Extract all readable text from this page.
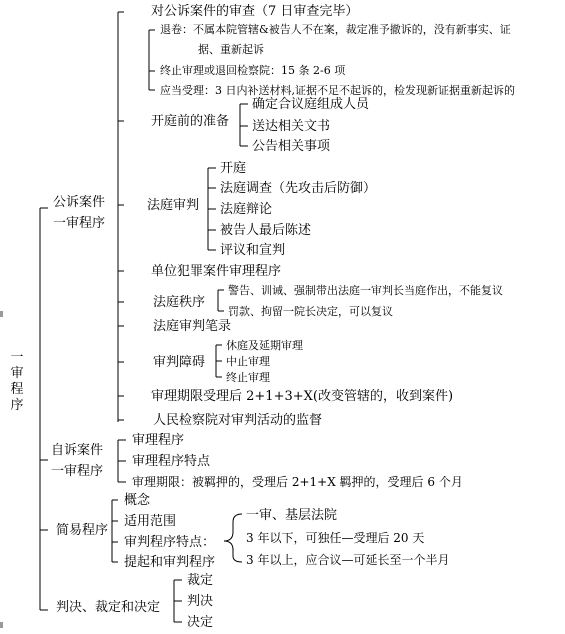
一
审
程
序
公诉案件
一审程序
对公诉案件的审查（7 日审查完毕）
退卷：不属本院管辖&被告人不在案，裁定准予撤诉的，没有新事实、证
据、重新起诉
终止审理或退回检察院：15 条 2-6 项
应当受理：3 日内补送材料,证据不足不起诉的，检发现新证据重新起诉的
开庭前的准备
确定合议庭组成人员
送达相关文书
公告相关事项
法庭审判
开庭
法庭调查（先攻击后防御）
法庭辩论
被告人最后陈述
评议和宣判
单位犯罪案件审理程序
法庭秩序
警告、训诫、强制带出法庭一审判长当庭作出，不能复议
罚款、拘留一院长决定，可以复议
法庭审判笔录
审判障碍
休庭及延期审理
中止审理
终止审理
审理期限受理后 2+1+3+X(改变管辖的，收到案件)
人民检察院对审判活动的监督
自诉案件
一审程序
审理程序
审理程序特点
审理期限：被羁押的，受理后 2+1+X 羁押的，受理后 6 个月
简易程序
概念
适用范围
审判程序特点：
提起和审判程序
一审、基层法院
3 年以下，可独任—受理后 20 天
3 年以上，应合议—可延长至一个半月
判决、裁定和决定
裁定
判决
决定
